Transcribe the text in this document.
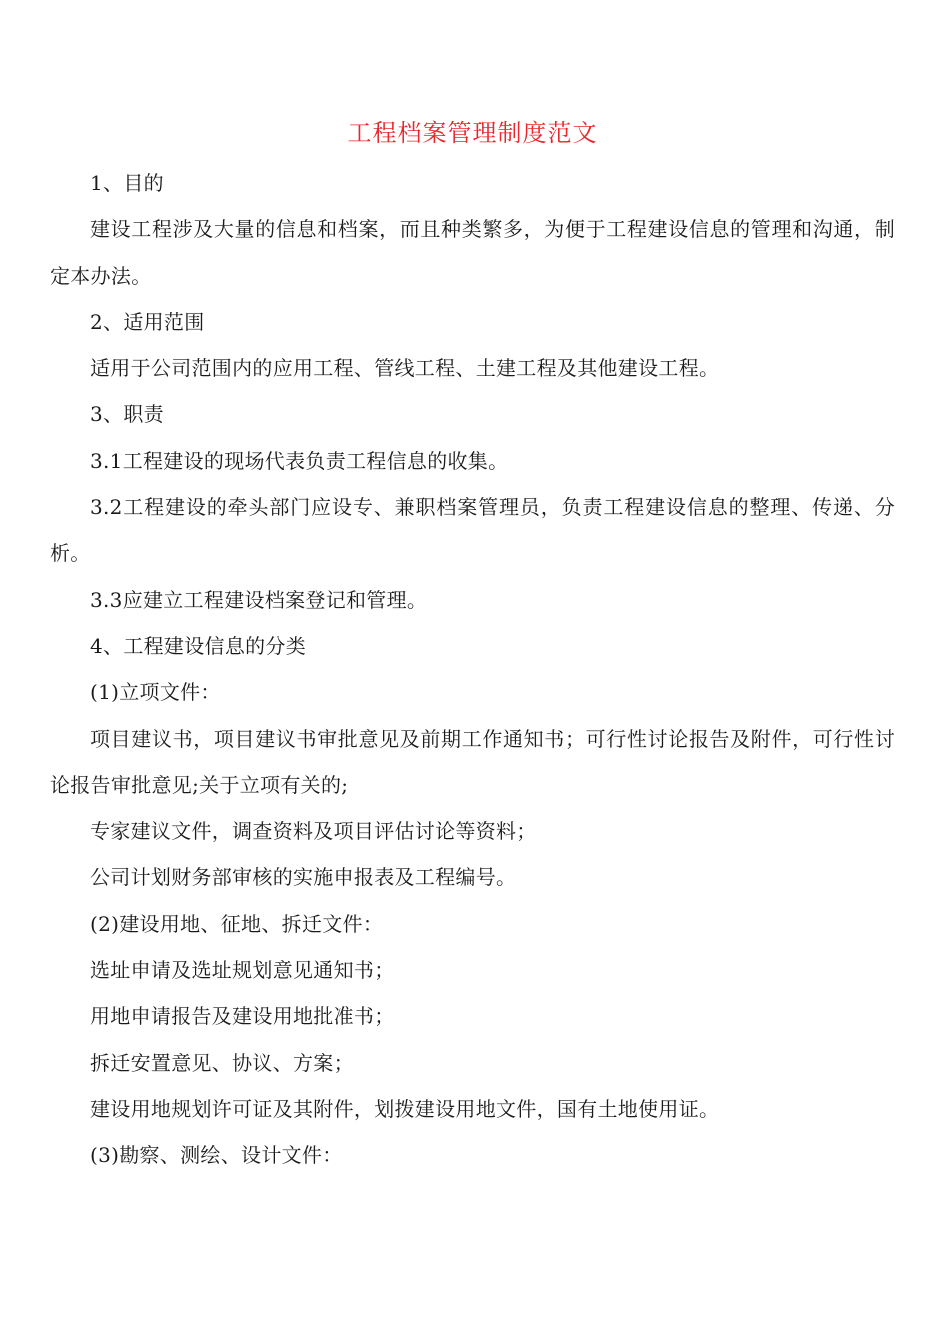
工程档案管理制度范文

1、目的

建设工程涉及大量的信息和档案，而且种类繁多，为便于工程建设信息的管理和沟通，制定本办法。

2、适用范围

适用于公司范围内的应用工程、管线工程、土建工程及其他建设工程。

3、职责

3.1工程建设的现场代表负责工程信息的收集。

3.2工程建设的牵头部门应设专、兼职档案管理员，负责工程建设信息的整理、传递、分析。

3.3应建立工程建设档案登记和管理。

4、工程建设信息的分类

(1)立项文件：

项目建议书，项目建议书审批意见及前期工作通知书；可行性讨论报告及附件，可行性讨论报告审批意见;关于立项有关的;

专家建议文件，调查资料及项目评估讨论等资料；

公司计划财务部审核的实施申报表及工程编号。

(2)建设用地、征地、拆迁文件：

选址申请及选址规划意见通知书；

用地申请报告及建设用地批准书；

拆迁安置意见、协议、方案；

建设用地规划许可证及其附件，划拨建设用地文件，国有土地使用证。

(3)勘察、测绘、设计文件：
